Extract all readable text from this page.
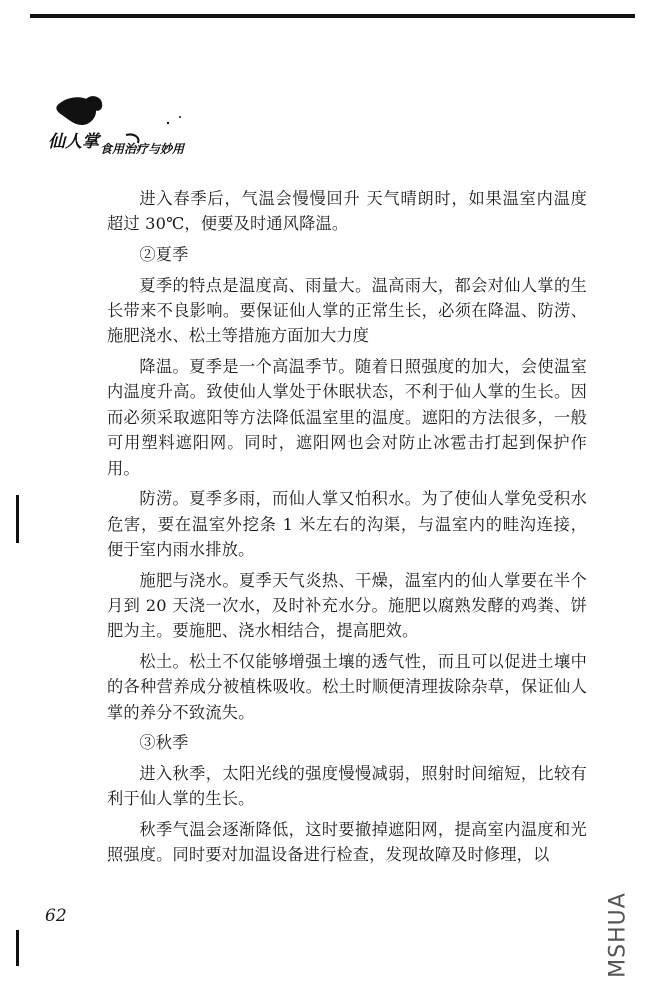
仙人掌 食用治疗与妙用

进入春季后，气温会慢慢回升 天气晴朗时，如果温室内温度超过 30℃，便要及时通风降温。

②夏季

夏季的特点是温度高、雨量大。温高雨大，都会对仙人掌的生长带来不良影响。要保证仙人掌的正常生长，必须在降温、防涝、施肥浇水、松土等措施方面加大力度

降温。夏季是一个高温季节。随着日照强度的加大，会使温室内温度升高。致使仙人掌处于休眠状态，不利于仙人掌的生长。因而必须采取遮阳等方法降低温室里的温度。遮阳的方法很多，一般可用塑料遮阳网。同时，遮阳网也会对防止冰雹击打起到保护作用。

防涝。夏季多雨，而仙人掌又怕积水。为了使仙人掌免受积水危害，要在温室外挖条 1 米左右的沟渠，与温室内的畦沟连接，便于室内雨水排放。

施肥与浇水。夏季天气炎热、干燥，温室内的仙人掌要在半个月到 20 天浇一次水，及时补充水分。施肥以腐熟发酵的鸡粪、饼肥为主。要施肥、浇水相结合，提高肥效。

松土。松土不仅能够增强土壤的透气性，而且可以促进土壤中的各种营养成分被植株吸收。松土时顺便清理拔除杂草，保证仙人掌的养分不致流失。

③秋季

进入秋季，太阳光线的强度慢慢减弱，照射时间缩短，比较有利于仙人掌的生长。

秋季气温会逐渐降低，这时要撤掉遮阳网，提高室内温度和光照强度。同时要对加温设备进行检查，发现故障及时修理，以

62	MSHUA
